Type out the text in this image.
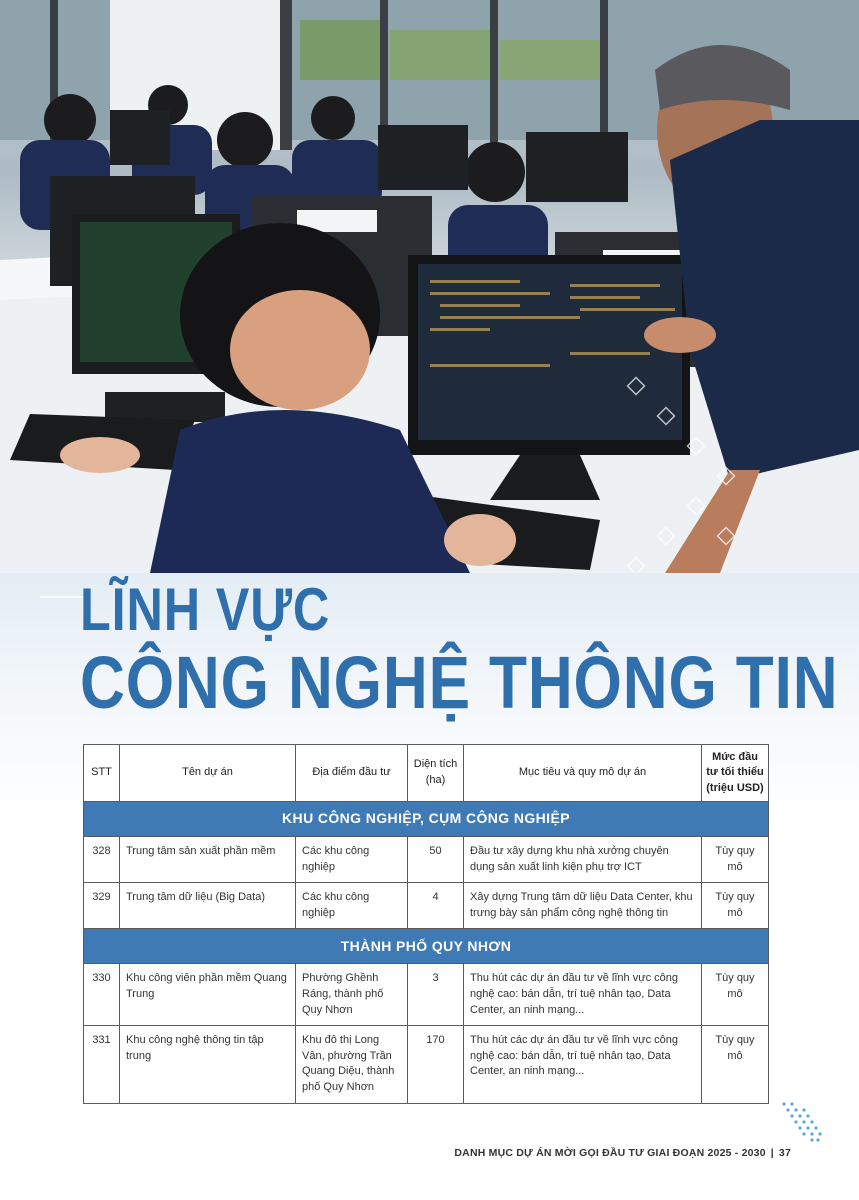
LĨNH VỰC
CÔNG NGHỆ THÔNG TIN
STT	Tên dự án	Địa điểm đầu tư	Diện tích (ha)	Mục tiêu và quy mô dự án	Mức đầu tư tối thiểu (triệu USD)
KHU CÔNG NGHIỆP, CỤM CÔNG NGHIỆP					
328	Trung tâm sản xuất phần mềm	Các khu công nghiệp	50	Đầu tư xây dựng khu nhà xưởng chuyên dụng sản xuất linh kiện phụ trợ ICT	Tùy quy mô
329	Trung tâm dữ liệu (Big Data)	Các khu công nghiệp	4	Xây dựng Trung tâm dữ liệu Data Center, khu trưng bày sản phẩm công nghệ thông tin	Tùy quy mô
THÀNH PHỐ QUY NHƠN					
330	Khu công viên phần mềm Quang Trung	Phường Ghềnh Ráng, thành phố Quy Nhơn	3	Thu hút các dự án đầu tư về lĩnh vực công nghệ cao: bán dẫn, trí tuệ nhân tạo, Data Center, an ninh mạng...	Tùy quy mô
331	Khu công nghệ thông tin tập trung	Khu đô thị Long Vân, phường Trần Quang Diệu, thành phố Quy Nhơn	170	Thu hút các dự án đầu tư về lĩnh vực công nghệ cao: bán dẫn, trí tuệ nhân tạo, Data Center, an ninh mạng...	Tùy quy mô
DANH MỤC DỰ ÁN MỜI GỌI ĐẦU TƯ GIAI ĐOẠN 2025 - 2030 | 37
